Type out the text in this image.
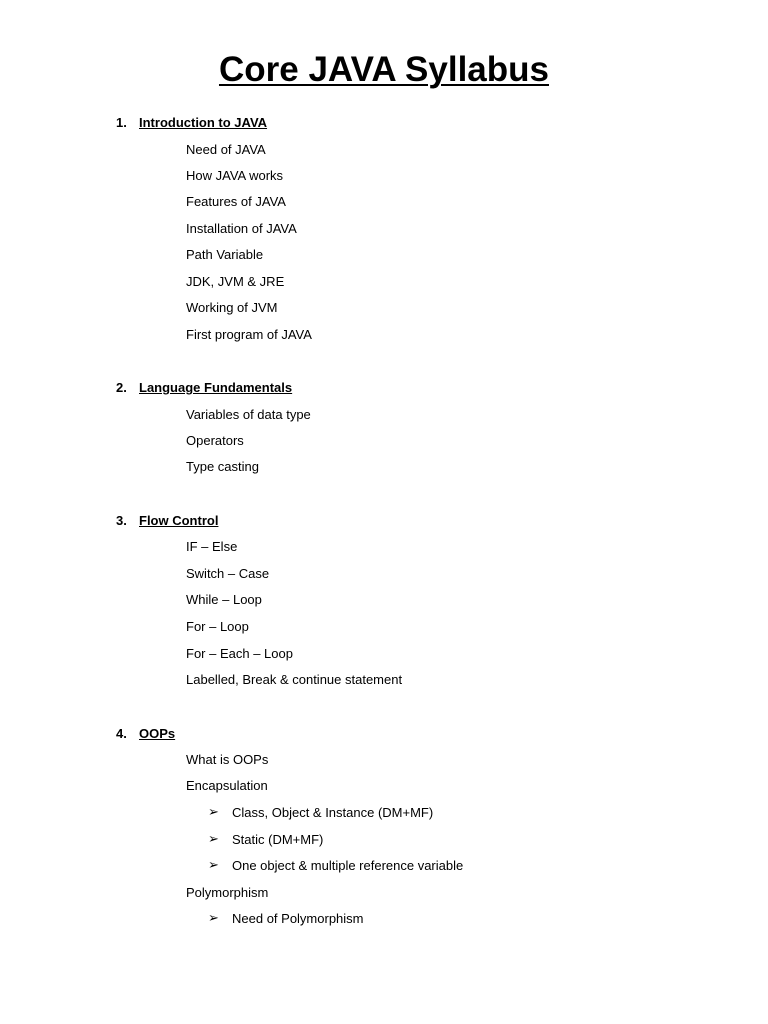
Core JAVA Syllabus
1. Introduction to JAVA
Need of JAVA
How JAVA works
Features of JAVA
Installation of JAVA
Path Variable
JDK, JVM & JRE
Working of JVM
First program of JAVA
2. Language Fundamentals
Variables of data type
Operators
Type casting
3. Flow Control
IF – Else
Switch – Case
While – Loop
For – Loop
For – Each – Loop
Labelled, Break & continue statement
4. OOPs
What is OOPs
Encapsulation
➢ Class, Object & Instance (DM+MF)
➢ Static (DM+MF)
➢ One object & multiple reference variable
Polymorphism
➢ Need of Polymorphism
